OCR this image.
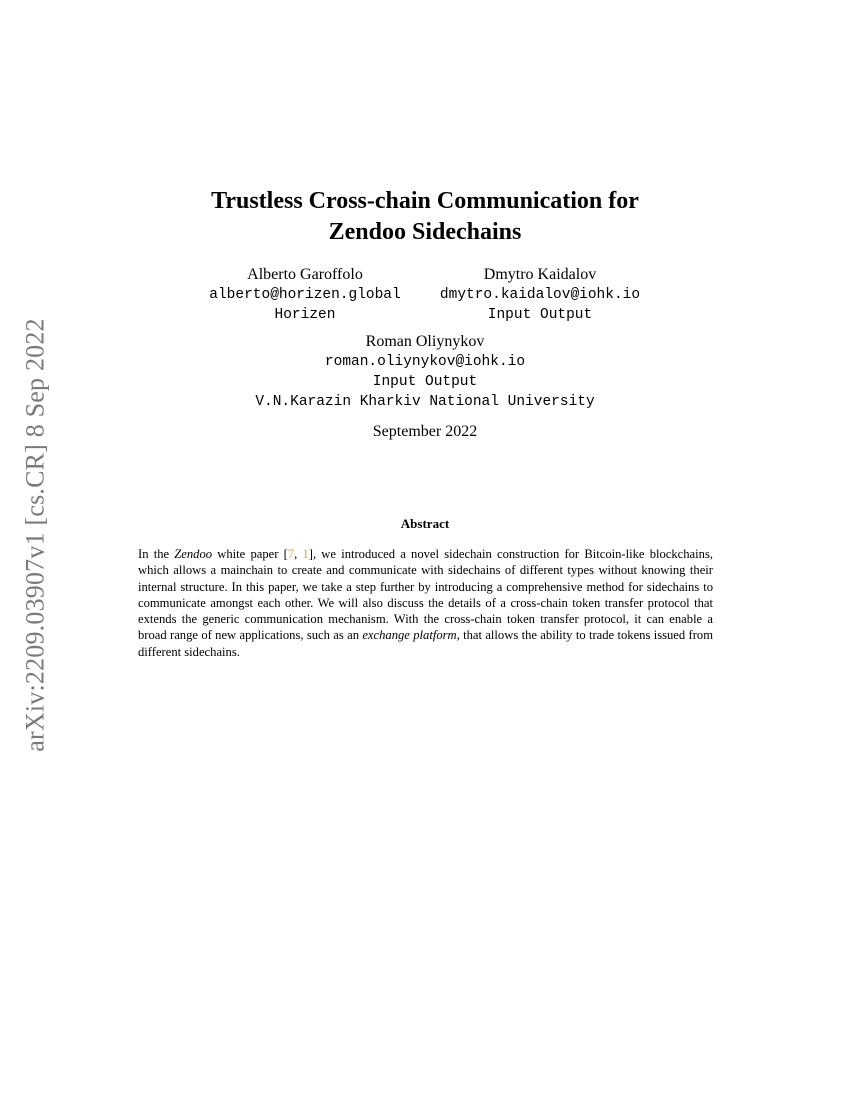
arXiv:2209.03907v1 [cs.CR] 8 Sep 2022
Trustless Cross-chain Communication for
Zendoo Sidechains
Alberto Garoffolo
alberto@horizen.global
Horizen
Dmytro Kaidalov
dmytro.kaidalov@iohk.io
Input Output
Roman Oliynykov
roman.oliynykov@iohk.io
Input Output
V.N.Karazin Kharkiv National University
September 2022
Abstract
In the Zendoo white paper [7, 1], we introduced a novel sidechain construction for Bitcoin-like blockchains, which allows a mainchain to create and communicate with sidechains of different types without knowing their internal structure. In this paper, we take a step further by introducing a comprehensive method for sidechains to communicate amongst each other. We will also discuss the details of a cross-chain token transfer protocol that extends the generic communication mechanism. With the cross-chain token transfer protocol, it can enable a broad range of new applications, such as an exchange platform, that allows the ability to trade tokens issued from different sidechains.
